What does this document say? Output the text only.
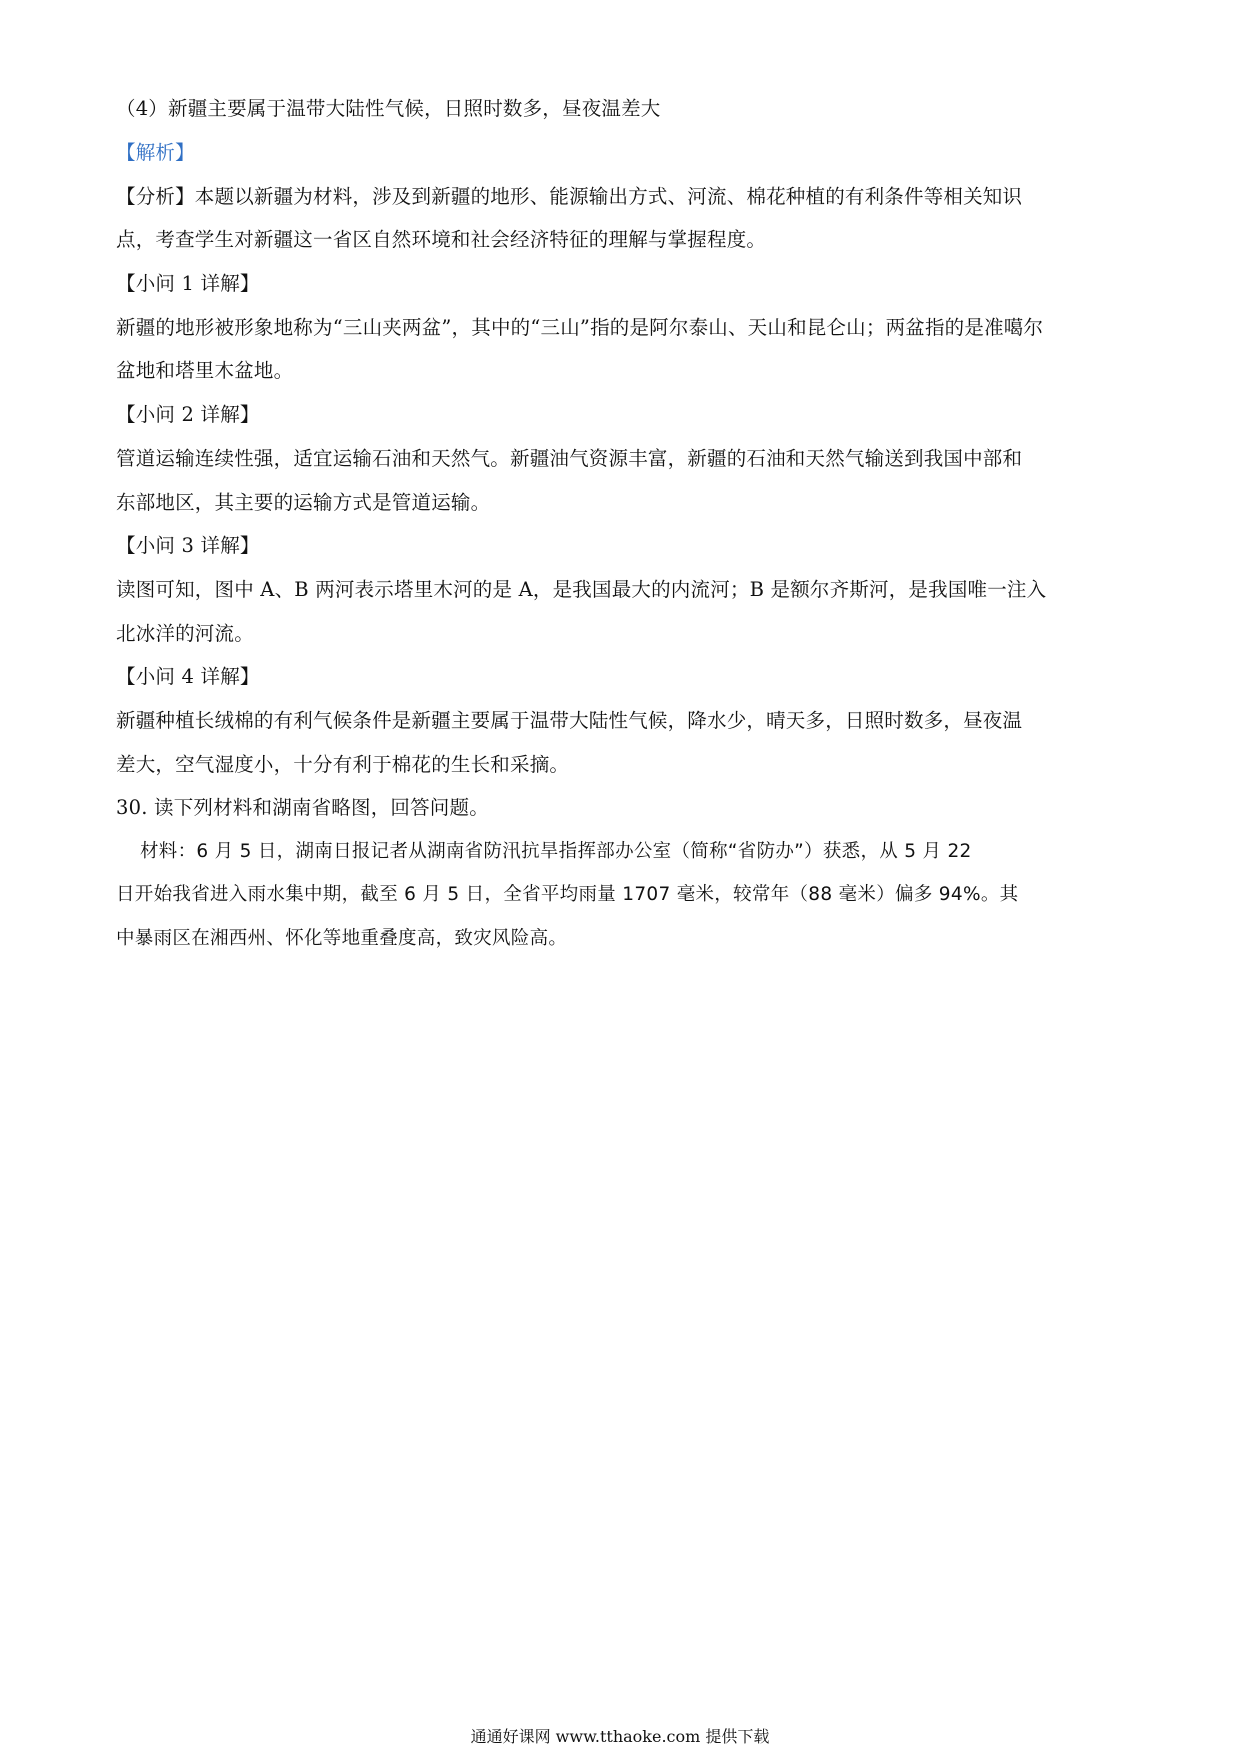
（4）新疆主要属于温带大陆性气候，日照时数多，昼夜温差大
【解析】
【分析】本题以新疆为材料，涉及到新疆的地形、能源输出方式、河流、棉花种植的有利条件等相关知识
点，考查学生对新疆这一省区自然环境和社会经济特征的理解与掌握程度。
【小问 1 详解】
新疆的地形被形象地称为“三山夹两盆”，其中的“三山”指的是阿尔泰山、天山和昆仑山；两盆指的是准噶尔
盆地和塔里木盆地。
【小问 2 详解】
管道运输连续性强，适宜运输石油和天然气。新疆油气资源丰富，新疆的石油和天然气输送到我国中部和
东部地区，其主要的运输方式是管道运输。
【小问 3 详解】
读图可知，图中 A、B 两河表示塔里木河的是 A，是我国最大的内流河；B 是额尔齐斯河，是我国唯一注入
北冰洋的河流。
【小问 4 详解】
新疆种植长绒棉的有利气候条件是新疆主要属于温带大陆性气候，降水少，晴天多，日照时数多，昼夜温
差大，空气湿度小，十分有利于棉花的生长和采摘。
30. 读下列材料和湖南省略图，回答问题。
材料：6 月 5 日，湖南日报记者从湖南省防汛抗旱指挥部办公室（简称“省防办”）获悉，从 5 月 22
日开始我省进入雨水集中期，截至 6 月 5 日，全省平均雨量 1707 毫米，较常年（88 毫米）偏多 94%。其
中暴雨区在湘西州、怀化等地重叠度高，致灾风险高。
通通好课网 www.tthaoke.com 提供下载
